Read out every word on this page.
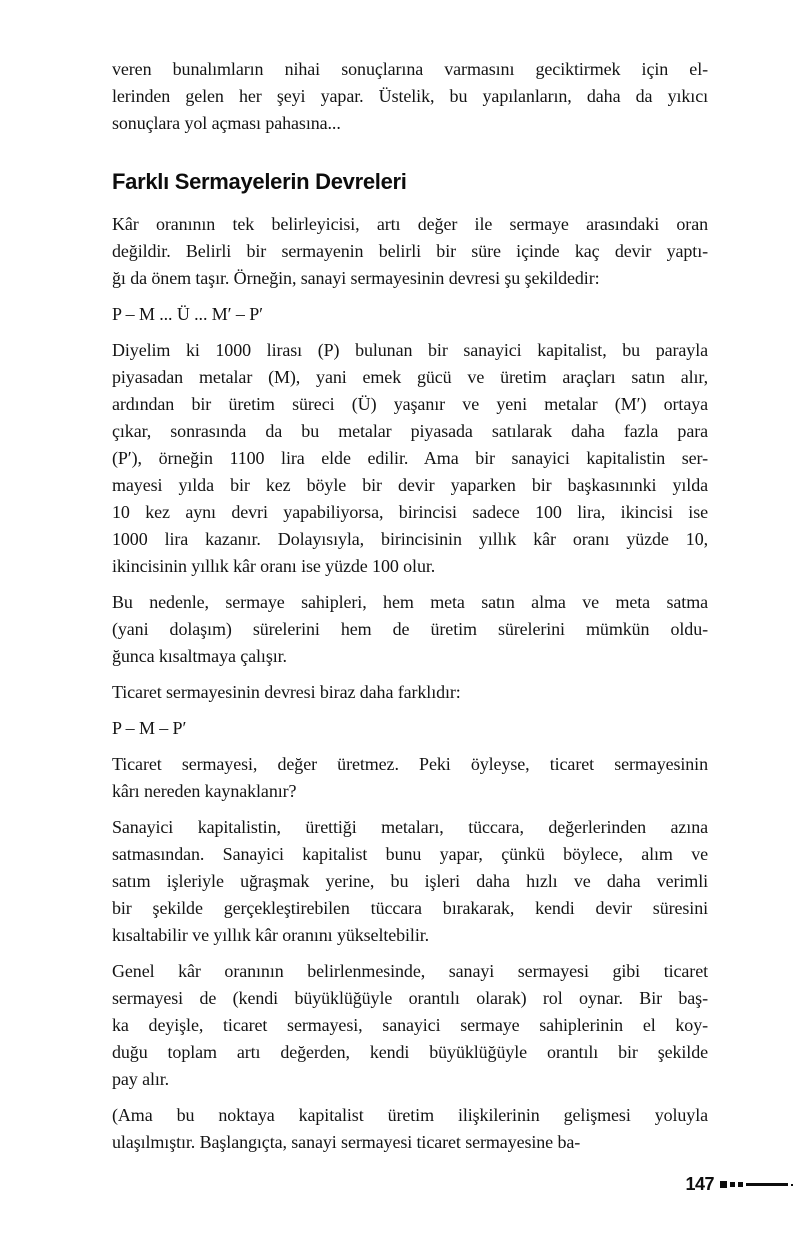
veren bunalımların nihai sonuçlarına varmasını geciktirmek için el-
lerinden gelen her şeyi yapar. Üstelik, bu yapılanların, daha da yıkıcı
sonuçlara yol açması pahasına...

Farklı Sermayelerin Devreleri

Kâr oranının tek belirleyicisi, artı değer ile sermaye arasındaki oran
değildir. Belirli bir sermayenin belirli bir süre içinde kaç devir yaptı-
ğı da önem taşır. Örneğin, sanayi sermayesinin devresi şu şekildedir:

P – M ... Ü ... M′ – P′

Diyelim ki 1000 lirası (P) bulunan bir sanayici kapitalist, bu parayla
piyasadan metalar (M), yani emek gücü ve üretim araçları satın alır,
ardından bir üretim süreci (Ü) yaşanır ve yeni metalar (M′) ortaya
çıkar, sonrasında da bu metalar piyasada satılarak daha fazla para
(P′), örneğin 1100 lira elde edilir. Ama bir sanayici kapitalistin ser-
mayesi yılda bir kez böyle bir devir yaparken bir başkasınınki yılda
10 kez aynı devri yapabiliyorsa, birincisi sadece 100 lira, ikincisi ise
1000 lira kazanır. Dolayısıyla, birincisinin yıllık kâr oranı yüzde 10,
ikincisinin yıllık kâr oranı ise yüzde 100 olur.

Bu nedenle, sermaye sahipleri, hem meta satın alma ve meta satma
(yani dolaşım) sürelerini hem de üretim sürelerini mümkün oldu-
ğunca kısaltmaya çalışır.

Ticaret sermayesinin devresi biraz daha farklıdır:

P – M – P′

Ticaret sermayesi, değer üretmez. Peki öyleyse, ticaret sermayesinin
kârı nereden kaynaklanır?

Sanayici kapitalistin, ürettiği metaları, tüccara, değerlerinden azına
satmasından. Sanayici kapitalist bunu yapar, çünkü böylece, alım ve
satım işleriyle uğraşmak yerine, bu işleri daha hızlı ve daha verimli
bir şekilde gerçekleştirebilen tüccara bırakarak, kendi devir süresini
kısaltabilir ve yıllık kâr oranını yükseltebilir.

Genel kâr oranının belirlenmesinde, sanayi sermayesi gibi ticaret
sermayesi de (kendi büyüklüğüyle orantılı olarak) rol oynar. Bir baş-
ka deyişle, ticaret sermayesi, sanayici sermaye sahiplerinin el koy-
duğu toplam artı değerden, kendi büyüklüğüyle orantılı bir şekilde
pay alır.

(Ama bu noktaya kapitalist üretim ilişkilerinin gelişmesi yoluyla
ulaşılmıştır. Başlangıçta, sanayi sermayesi ticaret sermayesine ba-

147
